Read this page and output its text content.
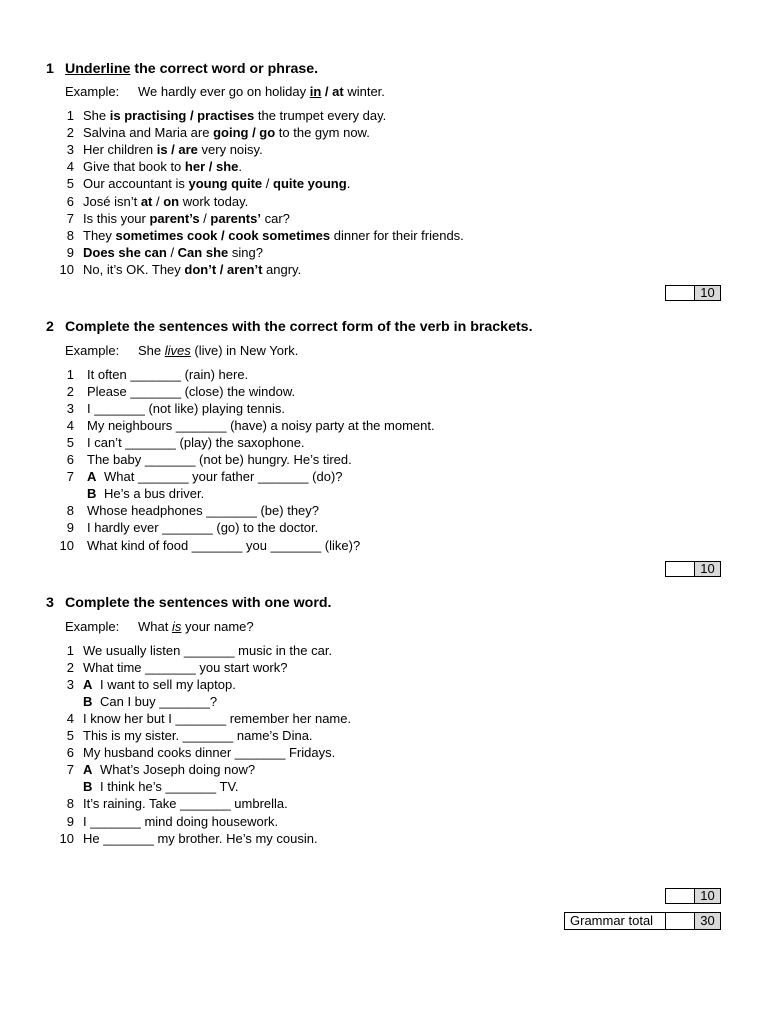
1 Underline the correct word or phrase.
Example: We hardly ever go on holiday in / at winter.
1 She is practising / practises the trumpet every day.
2 Salvina and Maria are going / go to the gym now.
3 Her children is / are very noisy.
4 Give that book to her / she.
5 Our accountant is young quite / quite young.
6 José isn’t at / on work today.
7 Is this your parent’s / parents’ car?
8 They sometimes cook / cook sometimes dinner for their friends.
9 Does she can / Can she sing?
10 No, it’s OK. They don’t / aren’t angry.
10
2 Complete the sentences with the correct form of the verb in brackets.
Example: She lives (live) in New York.
1 It often _______ (rain) here.
2 Please _______ (close) the window.
3 I _______ (not like) playing tennis.
4 My neighbours _______ (have) a noisy party at the moment.
5 I can’t _______ (play) the saxophone.
6 The baby _______ (not be) hungry. He’s tired.
7 A What _______ your father _______ (do)?
B He’s a bus driver.
8 Whose headphones _______ (be) they?
9 I hardly ever _______ (go) to the doctor.
10 What kind of food _______ you _______ (like)?
10
3 Complete the sentences with one word.
Example: What is your name?
1 We usually listen _______ music in the car.
2 What time _______ you start work?
3 A I want to sell my laptop.
B Can I buy _______?
4 I know her but I _______ remember her name.
5 This is my sister. _______ name’s Dina.
6 My husband cooks dinner _______ Fridays.
7 A What’s Joseph doing now?
B I think he’s _______ TV.
8 It’s raining. Take _______ umbrella.
9 I _______ mind doing housework.
10 He _______ my brother. He’s my cousin.
10
Grammar total	30
